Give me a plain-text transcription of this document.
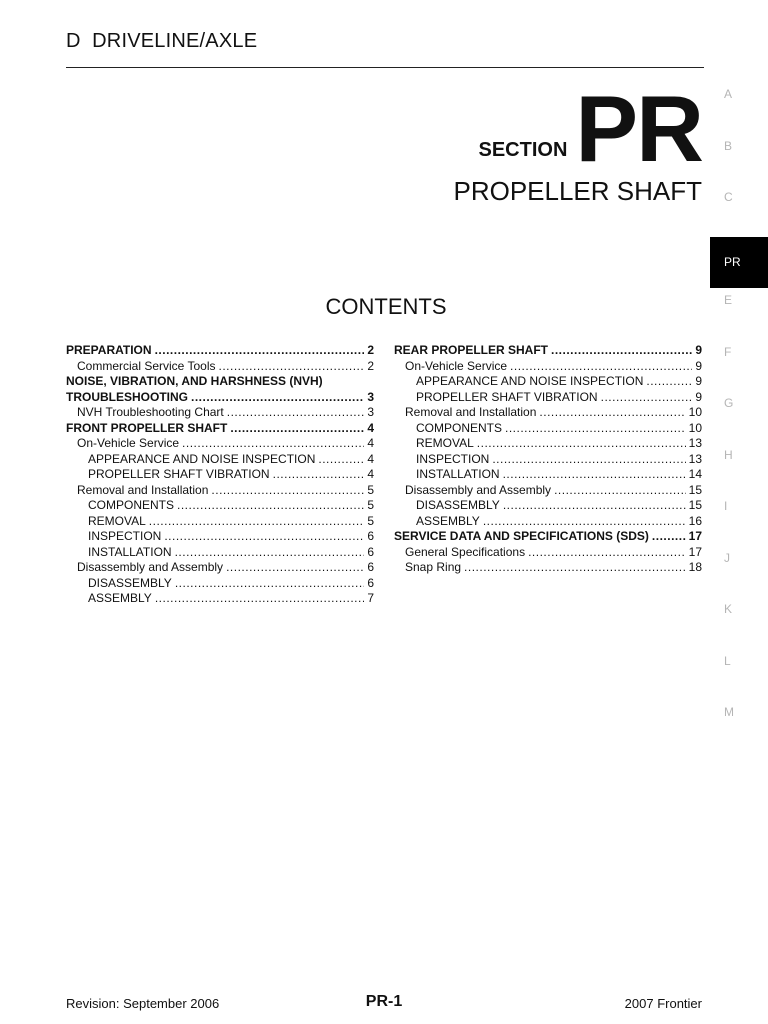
D  DRIVELINE/AXLE
SECTION PR
PROPELLER SHAFT
CONTENTS
PREPARATION .....	2
Commercial Service Tools .....	2
NOISE, VIBRATION, AND HARSHNESS (NVH)
TROUBLESHOOTING .....	3
NVH Troubleshooting Chart .....	3
FRONT PROPELLER SHAFT .....	4
On-Vehicle Service .....	4
APPEARANCE AND NOISE INSPECTION .....	4
PROPELLER SHAFT VIBRATION .....	4
Removal and Installation .....	5
COMPONENTS .....	5
REMOVAL .....	5
INSPECTION .....	6
INSTALLATION .....	6
Disassembly and Assembly .....	6
DISASSEMBLY .....	6
ASSEMBLY .....	7
REAR PROPELLER SHAFT .....	9
On-Vehicle Service .....	9
APPEARANCE AND NOISE INSPECTION .....	9
PROPELLER SHAFT VIBRATION .....	9
Removal and Installation .....	10
COMPONENTS .....	10
REMOVAL .....	13
INSPECTION .....	13
INSTALLATION .....	14
Disassembly and Assembly .....	15
DISASSEMBLY .....	15
ASSEMBLY .....	16
SERVICE DATA AND SPECIFICATIONS (SDS) .....	17
General Specifications .....	17
Snap Ring .....	18
A
B
C
PR
E
F
G
H
I
J
K
L
M
Revision: September 2006	PR-1	2007 Frontier
